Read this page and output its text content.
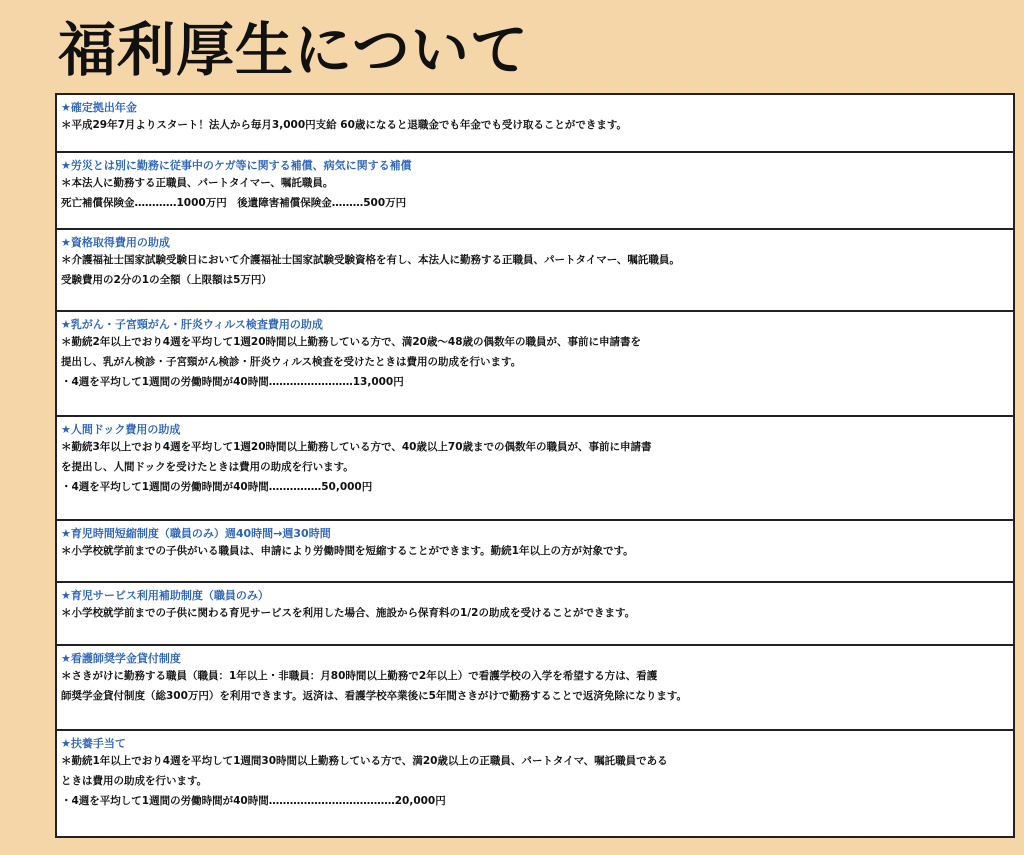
福利厚生について
★確定拠出年金
＊平成29年7月よりスタート！法人から毎月3,000円支給 60歳になると退職金でも年金でも受け取ることができます。
★労災とは別に勤務に従事中のケガ等に関する補償、病気に関する補償
＊本法人に勤務する正職員、パートタイマー、嘱託職員。
死亡補償保険金…………1000万円　後遺障害補償保険金………500万円
★資格取得費用の助成
＊介護福祉士国家試験受験日において介護福祉士国家試験受験資格を有し、本法人に勤務する正職員、パートタイマー、嘱託職員。
受験費用の2分の1の全額（上限額は5万円）
★乳がん・子宮頸がん・肝炎ウィルス検査費用の助成
＊勤続2年以上でおり4週を平均して1週20時間以上勤務している方で、満20歳～48歳の偶数年の職員が、事前に申請書を
提出し、乳がん検診・子宮頸がん検診・肝炎ウィルス検査を受けたときは費用の助成を行います。
・4週を平均して1週間の労働時間が40時間……………………13,000円
★人間ドック費用の助成
＊勤続3年以上でおり4週を平均して1週20時間以上勤務している方で、40歳以上70歳までの偶数年の職員が、事前に申請書
を提出し、人間ドックを受けたときは費用の助成を行います。
・4週を平均して1週間の労働時間が40時間……………50,000円
★育児時間短縮制度（職員のみ）週40時間→週30時間
＊小学校就学前までの子供がいる職員は、申請により労働時間を短縮することができます。勤続1年以上の方が対象です。
★育児サービス利用補助制度（職員のみ）
＊小学校就学前までの子供に関わる育児サービスを利用した場合、施設から保育料の1/2の助成を受けることができます。
★看護師奨学金貸付制度
＊さきがけに勤務する職員（職員：1年以上・非職員：月80時間以上勤務で2年以上）で看護学校の入学を希望する方は、看護
師奨学金貸付制度（総300万円）を利用できます。返済は、看護学校卒業後に5年間さきがけで勤務することで返済免除になります。
★扶養手当て
＊勤続1年以上でおり4週を平均して1週間30時間以上勤務している方で、満20歳以上の正職員、パートタイマ、嘱託職員である
ときは費用の助成を行います。
・4週を平均して1週間の労働時間が40時間………………………………20,000円
